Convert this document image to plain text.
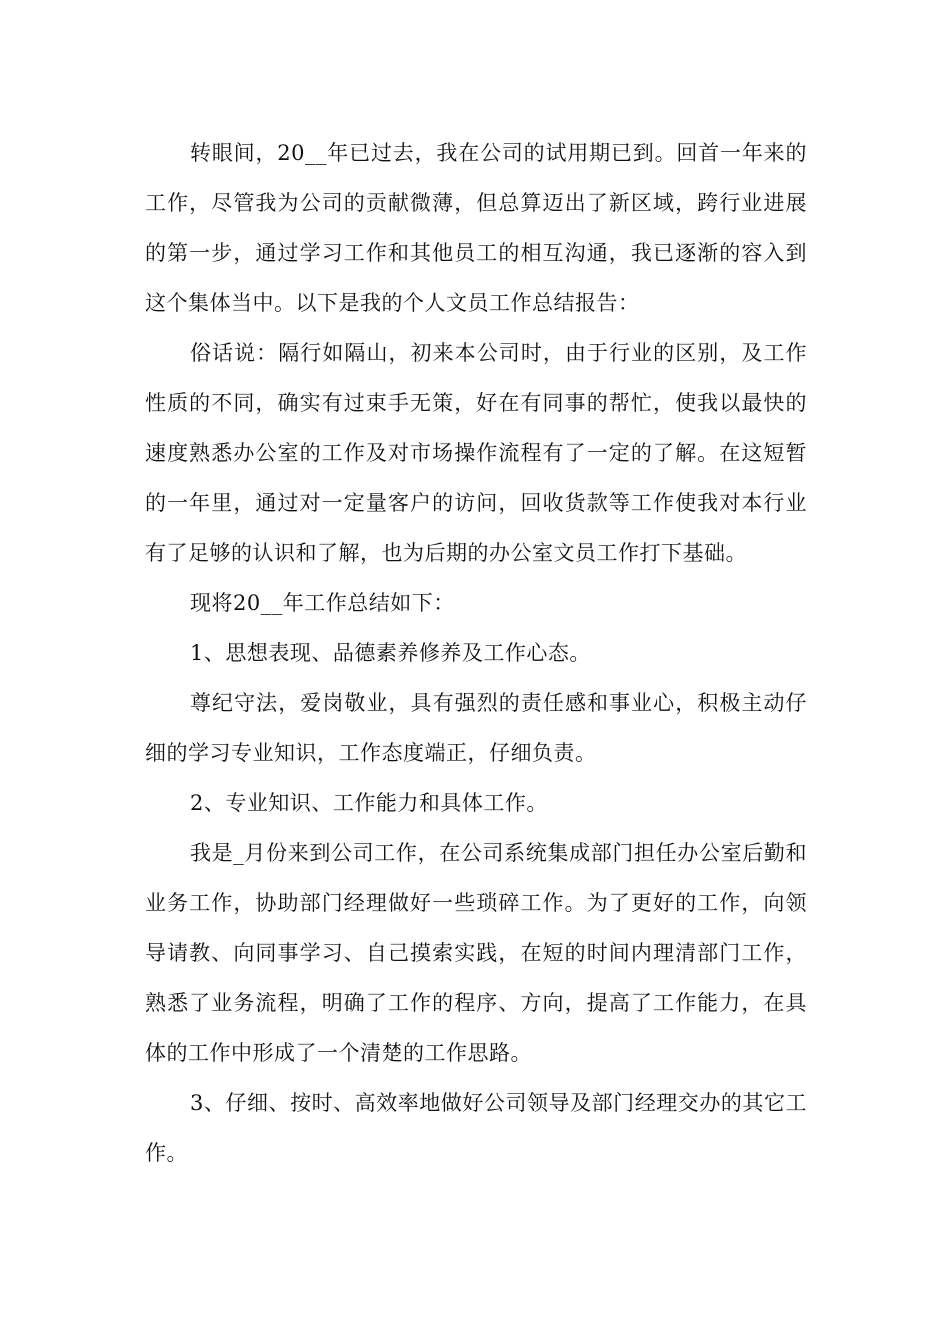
转眼间，20__年已过去，我在公司的试用期已到。回首一年来的工作，尽管我为公司的贡献微薄，但总算迈出了新区域，跨行业进展的第一步，通过学习工作和其他员工的相互沟通，我已逐渐的容入到这个集体当中。以下是我的个人文员工作总结报告：

俗话说：隔行如隔山，初来本公司时，由于行业的区别，及工作性质的不同，确实有过束手无策，好在有同事的帮忙，使我以最快的速度熟悉办公室的工作及对市场操作流程有了一定的了解。在这短暂的一年里，通过对一定量客户的访问，回收货款等工作使我对本行业有了足够的认识和了解，也为后期的办公室文员工作打下基础。

现将20__年工作总结如下：

1、思想表现、品德素养修养及工作心态。

尊纪守法，爱岗敬业，具有强烈的责任感和事业心，积极主动仔细的学习专业知识，工作态度端正，仔细负责。

2、专业知识、工作能力和具体工作。

我是_月份来到公司工作，在公司系统集成部门担任办公室后勤和业务工作，协助部门经理做好一些琐碎工作。为了更好的工作，向领导请教、向同事学习、自己摸索实践，在短的时间内理清部门工作，熟悉了业务流程，明确了工作的程序、方向，提高了工作能力，在具体的工作中形成了一个清楚的工作思路。

3、仔细、按时、高效率地做好公司领导及部门经理交办的其它工作。
